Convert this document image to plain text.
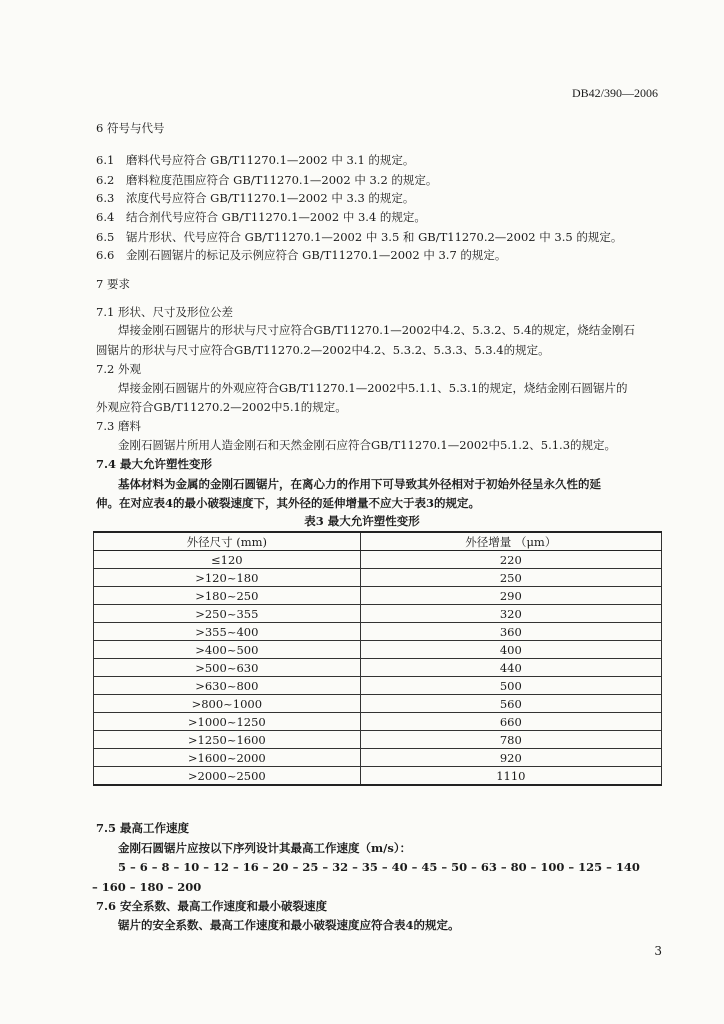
DB42/390—2006
6 符号与代号
6.1 磨料代号应符合 GB/T11270.1—2002 中 3.1 的规定。
6.2 磨料粒度范围应符合 GB/T11270.1—2002 中 3.2 的规定。
6.3 浓度代号应符合 GB/T11270.1—2002 中 3.3 的规定。
6.4 结合剂代号应符合 GB/T11270.1—2002 中 3.4 的规定。
6.5 锯片形状、代号应符合 GB/T11270.1—2002 中 3.5 和 GB/T11270.2—2002 中 3.5 的规定。
6.6 金刚石圆锯片的标记及示例应符合 GB/T11270.1—2002 中 3.7 的规定。
7 要求
7.1 形状、尺寸及形位公差
焊接金刚石圆锯片的形状与尺寸应符合GB/T11270.1—2002中4.2、5.3.2、5.4的规定，烧结金刚石
圆锯片的形状与尺寸应符合GB/T11270.2—2002中4.2、5.3.2、5.3.3、5.3.4的规定。
7.2 外观
焊接金刚石圆锯片的外观应符合GB/T11270.1—2002中5.1.1、5.3.1的规定，烧结金刚石圆锯片的
外观应符合GB/T11270.2—2002中5.1的规定。
7.3 磨料
金刚石圆锯片所用人造金刚石和天然金刚石应符合GB/T11270.1—2002中5.1.2、5.1.3的规定。
7.4 最大允许塑性变形
基体材料为金属的金刚石圆锯片，在离心力的作用下可导致其外径相对于初始外径呈永久性的延
伸。在对应表4的最小破裂速度下，其外径的延伸增量不应大于表3的规定。
表3 最大允许塑性变形
外径尺寸 (mm)	外径增量 （μm）
≤120	220
>120~180	250
>180~250	290
>250~355	320
>355~400	360
>400~500	400
>500~630	440
>630~800	500
>800~1000	560
>1000~1250	660
>1250~1600	780
>1600~2000	920
>2000~2500	1110
7.5 最高工作速度
金刚石圆锯片应按以下序列设计其最高工作速度（m/s）：
5 – 6 – 8 – 10 – 12 – 16 – 20 – 25 – 32 – 35 – 40 – 45 – 50 – 63 – 80 – 100 – 125 – 140
– 160 – 180 – 200
7.6 安全系数、最高工作速度和最小破裂速度
锯片的安全系数、最高工作速度和最小破裂速度应符合表4的规定。
3
